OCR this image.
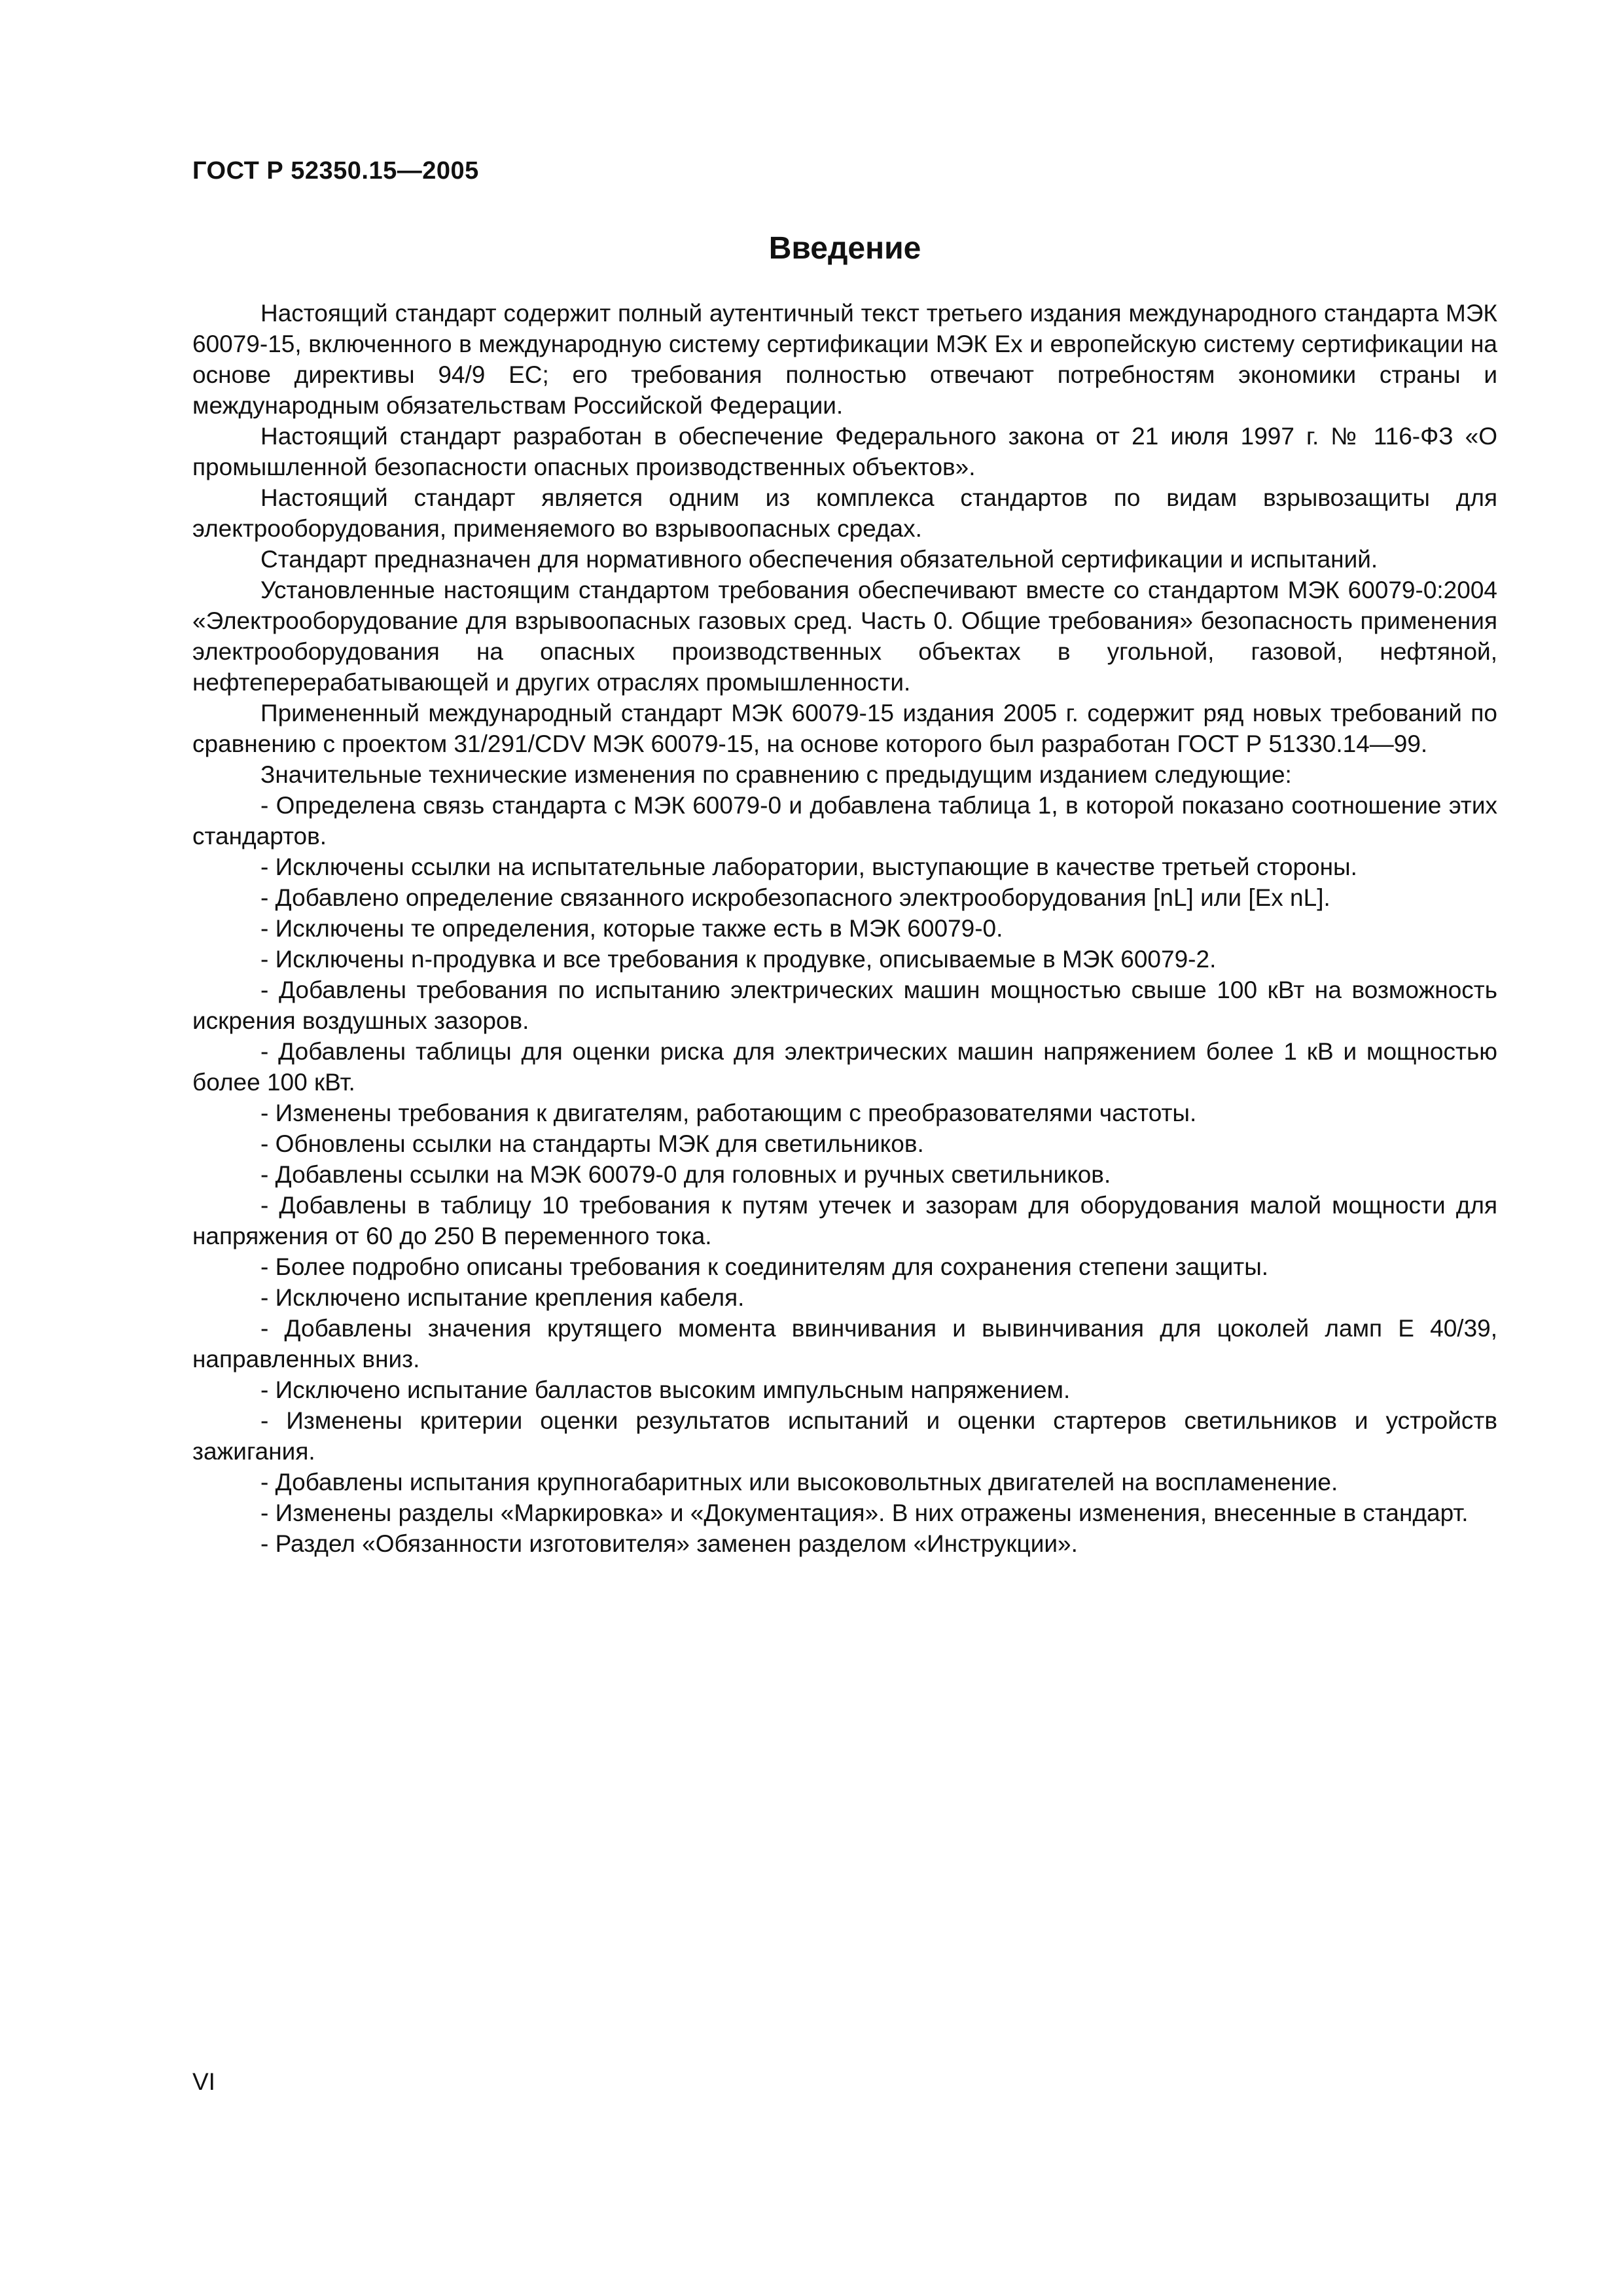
ГОСТ Р 52350.15—2005
Введение

Настоящий стандарт содержит полный аутентичный текст третьего издания международного стандарта МЭК 60079-15, включенного в международную систему сертификации МЭК Ex и европейскую систему сертификации на основе директивы 94/9 ЕС; его требования полностью отвечают потребностям экономики страны и международным обязательствам Российской Федерации.

Настоящий стандарт разработан в обеспечение Федерального закона от 21 июля 1997 г. № 116-ФЗ «О промышленной безопасности опасных производственных объектов».

Настоящий стандарт является одним из комплекса стандартов по видам взрывозащиты для электрооборудования, применяемого во взрывоопасных средах.

Стандарт предназначен для нормативного обеспечения обязательной сертификации и испытаний.

Установленные настоящим стандартом требования обеспечивают вместе со стандартом МЭК 60079-0:2004 «Электрооборудование для взрывоопасных газовых сред. Часть 0. Общие требования» безопасность применения электрооборудования на опасных производственных объектах в угольной, газовой, нефтяной, нефтеперерабатывающей и других отраслях промышленности.

Примененный международный стандарт МЭК 60079-15 издания 2005 г. содержит ряд новых требований по сравнению с проектом 31/291/CDV МЭК 60079-15, на основе которого был разработан ГОСТ Р 51330.14—99.

Значительные технические изменения по сравнению с предыдущим изданием следующие:

- Определена связь стандарта с МЭК 60079-0 и добавлена таблица 1, в которой показано соотношение этих стандартов.

- Исключены ссылки на испытательные лаборатории, выступающие в качестве третьей стороны.

- Добавлено определение связанного искробезопасного электрооборудования [nL] или [Ex nL].

- Исключены те определения, которые также есть в МЭК 60079-0.

- Исключены n-продувка и все требования к продувке, описываемые в МЭК 60079-2.

- Добавлены требования по испытанию электрических машин мощностью свыше 100 кВт на возможность искрения воздушных зазоров.

- Добавлены таблицы для оценки риска для электрических машин напряжением более 1 кВ и мощностью более 100 кВт.

- Изменены требования к двигателям, работающим с преобразователями частоты.

- Обновлены ссылки на стандарты МЭК для светильников.

- Добавлены ссылки на МЭК 60079-0 для головных и ручных светильников.

- Добавлены в таблицу 10 требования к путям утечек и зазорам для оборудования малой мощности для напряжения от 60 до 250 В переменного тока.

- Более подробно описаны требования к соединителям для сохранения степени защиты.

- Исключено испытание крепления кабеля.

- Добавлены значения крутящего момента ввинчивания и вывинчивания для цоколей ламп Е 40/39, направленных вниз.

- Исключено испытание балластов высоким импульсным напряжением.

- Изменены критерии оценки результатов испытаний и оценки стартеров светильников и устройств зажигания.

- Добавлены испытания крупногабаритных или высоковольтных двигателей на воспламенение.

- Изменены разделы «Маркировка» и «Документация». В них отражены изменения, внесенные в стандарт.

- Раздел «Обязанности изготовителя» заменен разделом «Инструкции».

VI
